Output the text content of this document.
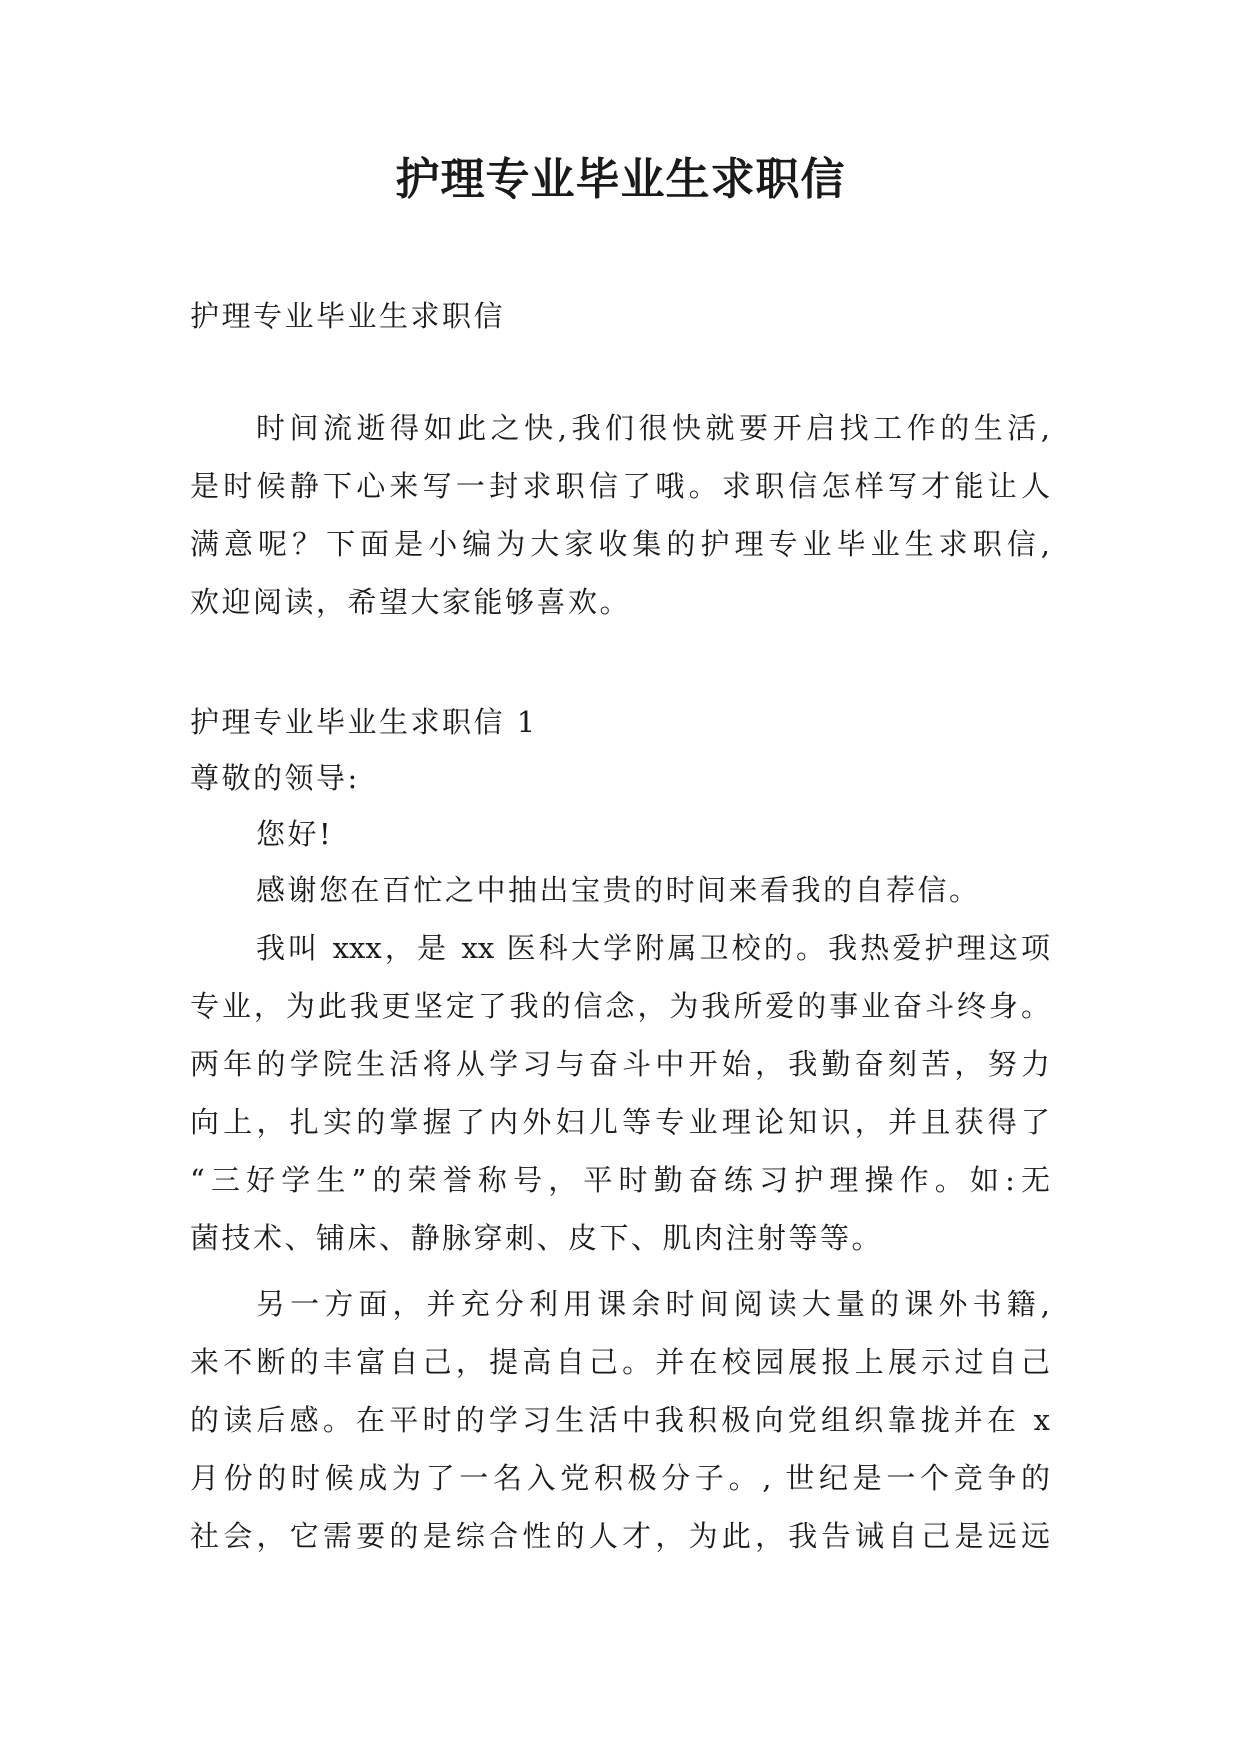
护理专业毕业生求职信

护理专业毕业生求职信

时间流逝得如此之快,我们很快就要开启找工作的生活,

是时候静下心来写一封求职信了哦。求职信怎样写才能让人

满意呢？下面是小编为大家收集的护理专业毕业生求职信,

欢迎阅读，希望大家能够喜欢。

护理专业毕业生求职信 1

尊敬的领导:

您好!

感谢您在百忙之中抽出宝贵的时间来看我的自荐信。

我叫 xxx，是 xx 医科大学附属卫校的。我热爱护理这项

专业，为此我更坚定了我的信念，为我所爱的事业奋斗终身。

两年的学院生活将从学习与奋斗中开始，我勤奋刻苦，努力

向上，扎实的掌握了内外妇儿等专业理论知识，并且获得了

“三好学生”的荣誉称号，平时勤奋练习护理操作。如:无

菌技术、铺床、静脉穿刺、皮下、肌肉注射等等。

另一方面，并充分利用课余时间阅读大量的课外书籍,

来不断的丰富自己，提高自己。并在校园展报上展示过自己

的读后感。在平时的学习生活中我积极向党组织靠拢并在 x

月份的时候成为了一名入党积极分子。, 世纪是一个竞争的

社会，它需要的是综合性的人才，为此，我告诫自己是远远
